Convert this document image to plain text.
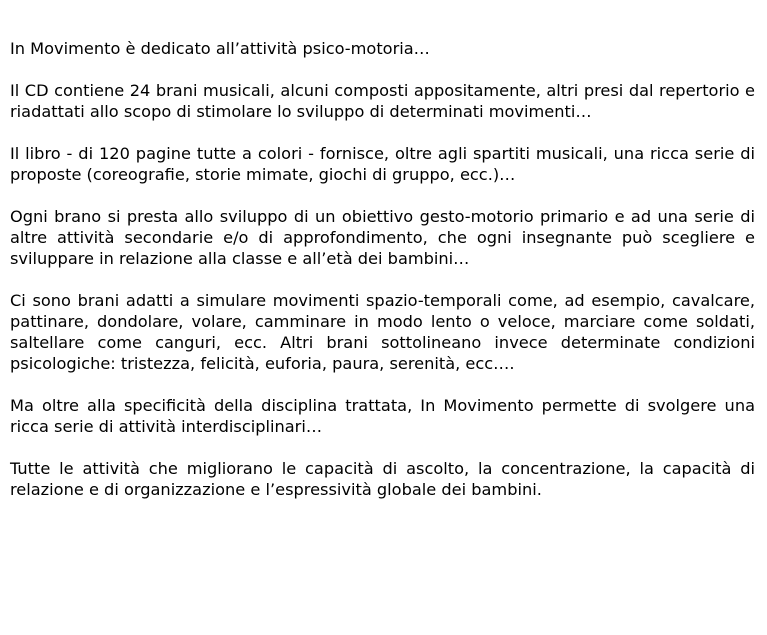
In Movimento è dedicato all’attività psico-motoria…

Il CD contiene 24 brani musicali, alcuni composti appositamente, altri presi dal repertorio e riadattati allo scopo di stimolare lo sviluppo di determinati movimenti…

Il libro - di 120 pagine tutte a colori - fornisce, oltre agli spartiti musicali, una ricca serie di proposte (coreografie, storie mimate, giochi di gruppo, ecc.)…

Ogni brano si presta allo sviluppo di un obiettivo gesto-motorio primario e ad una serie di altre attività secondarie e/o di approfondimento, che ogni insegnante può scegliere e sviluppare in relazione alla classe e all’età dei bambini…

Ci sono brani adatti a simulare movimenti spazio-temporali come, ad esempio, cavalcare, pattinare, dondolare, volare, camminare in modo lento o veloce, marciare come soldati, saltellare come canguri, ecc. Altri brani sottolineano invece determinate condizioni psicologiche: tristezza, felicità, euforia, paura, serenità, ecc….

Ma oltre alla specificità della disciplina trattata, In Movimento permette di svolgere una ricca serie di attività interdisciplinari…

Tutte le attività che migliorano le capacità di ascolto, la concentrazione, la capacità di relazione e di organizzazione e l’espressività globale dei bambini.
